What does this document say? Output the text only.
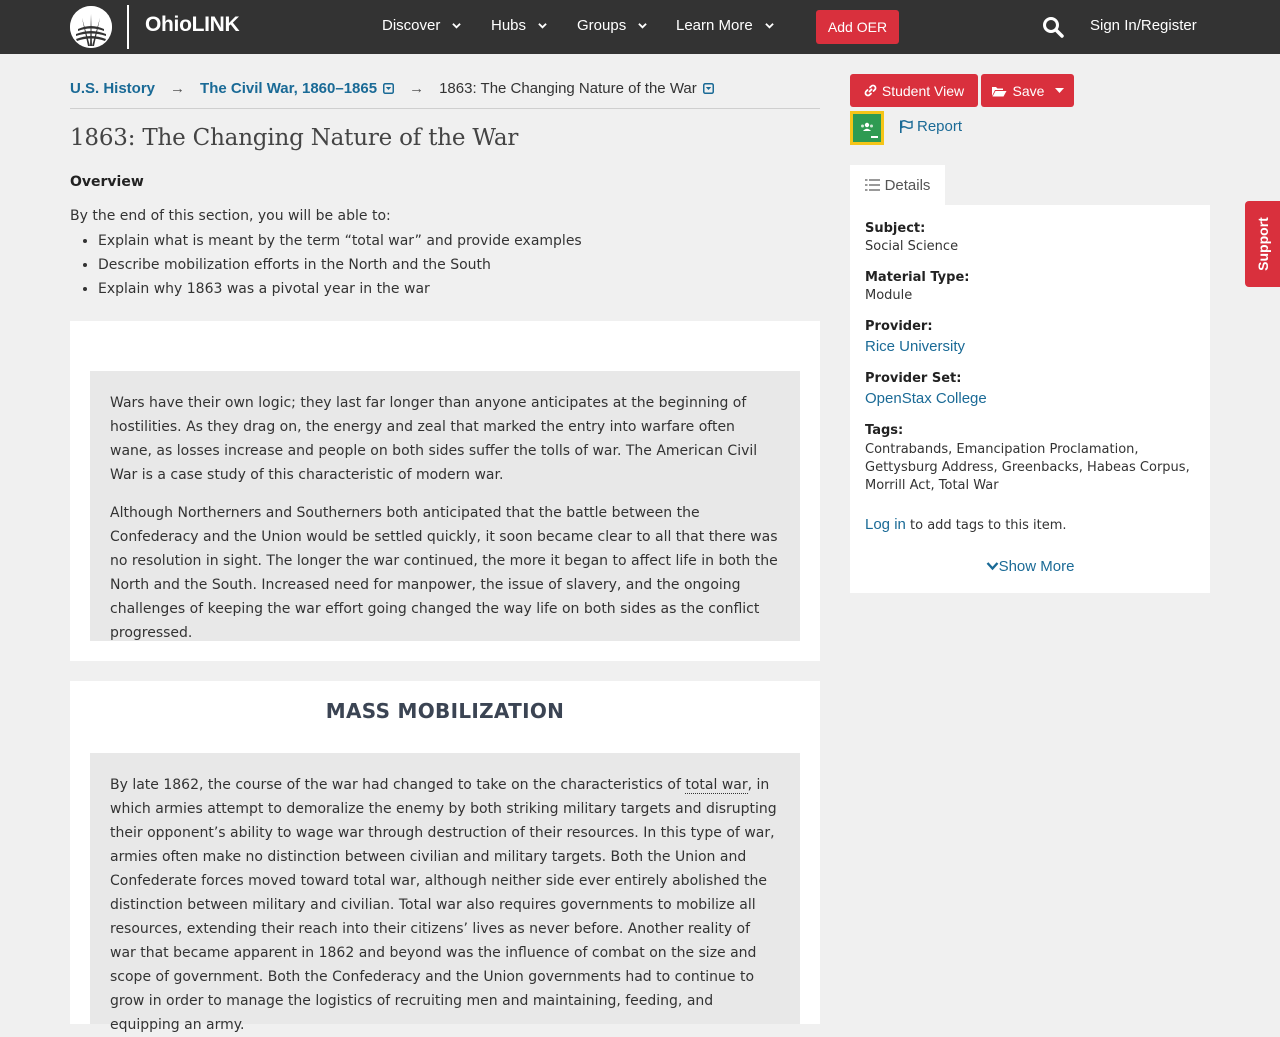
OhioLINK	Discover	Hubs	Groups	Learn More	Add OER	Sign In/Register
U.S. History → The Civil War, 1860–1865	→ 1863: The Changing Nature of the War
1863: The Changing Nature of the War
Overview
By the end of this section, you will be able to:
• Explain what is meant by the term “total war” and provide examples
• Describe mobilization efforts in the North and the South
• Explain why 1863 was a pivotal year in the war

Wars have their own logic; they last far longer than anyone anticipates at the beginning of hostilities. As they drag on, the energy and zeal that marked the entry into warfare often wane, as losses increase and people on both sides suffer the tolls of war. The American Civil War is a case study of this characteristic of modern war.

Although Northerners and Southerners both anticipated that the battle between the Confederacy and the Union would be settled quickly, it soon became clear to all that there was no resolution in sight. The longer the war continued, the more it began to affect life in both the North and the South. Increased need for manpower, the issue of slavery, and the ongoing challenges of keeping the war effort going changed the way life on both sides as the conflict progressed.

MASS MOBILIZATION

By late 1862, the course of the war had changed to take on the characteristics of total war, in which armies attempt to demoralize the enemy by both striking military targets and disrupting their opponent’s ability to wage war through destruction of their resources. In this type of war, armies often make no distinction between civilian and military targets. Both the Union and Confederate forces moved toward total war, although neither side ever entirely abolished the distinction between military and civilian. Total war also requires governments to mobilize all resources, extending their reach into their citizens’ lives as never before. Another reality of war that became apparent in 1862 and beyond was the influence of combat on the size and scope of government. Both the Confederacy and the Union governments had to continue to grow in order to manage the logistics of recruiting men and maintaining, feeding, and equipping an army.

Student View	Save
Report
Details
Subject:
Social Science
Material Type:
Module
Provider:
Rice University
Provider Set:
OpenStax College
Tags:
Contrabands, Emancipation Proclamation, Gettysburg Address, Greenbacks, Habeas Corpus, Morrill Act, Total War
Log in to add tags to this item.
Show More
Support
